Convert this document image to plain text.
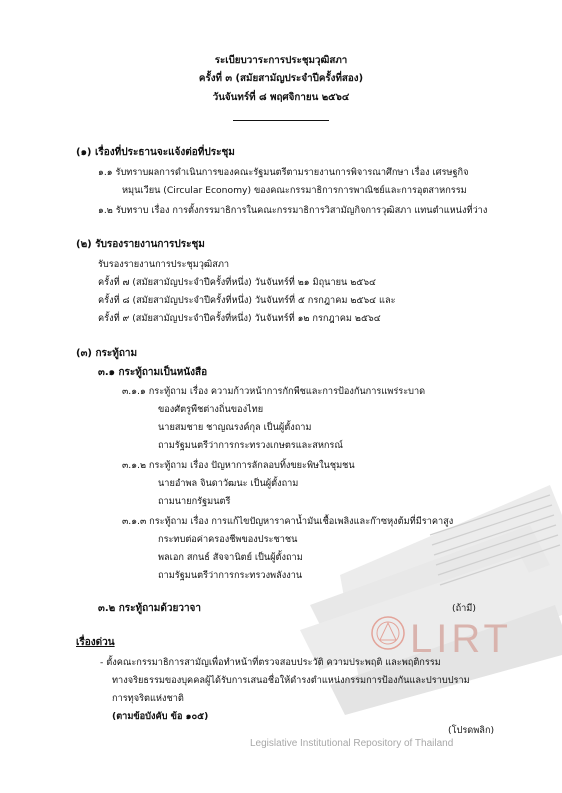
LIRT
Legislative Institutional Repository of Thailand
ระเบียบวาระการประชุมวุฒิสภา
ครั้งที่ ๓ (สมัยสามัญประจำปีครั้งที่สอง)
วันจันทร์ที่ ๘ พฤศจิกายน ๒๕๖๔
(๑) เรื่องที่ประธานจะแจ้งต่อที่ประชุม
๑.๑ รับทราบผลการดำเนินการของคณะรัฐมนตรีตามรายงานการพิจารณาศึกษา เรื่อง เศรษฐกิจ
หมุนเวียน (Circular Economy) ของคณะกรรมาธิการการพาณิชย์และการอุตสาหกรรม
๑.๒ รับทราบ เรื่อง การตั้งกรรมาธิการในคณะกรรมาธิการวิสามัญกิจการวุฒิสภา แทนตำแหน่งที่ว่าง
(๒) รับรองรายงานการประชุม
รับรองรายงานการประชุมวุฒิสภา
ครั้งที่ ๗ (สมัยสามัญประจำปีครั้งที่หนึ่ง) วันจันทร์ที่ ๒๑ มิถุนายน ๒๕๖๔
ครั้งที่ ๘ (สมัยสามัญประจำปีครั้งที่หนึ่ง) วันจันทร์ที่ ๕ กรกฎาคม ๒๕๖๔ และ
ครั้งที่ ๙ (สมัยสามัญประจำปีครั้งที่หนึ่ง) วันจันทร์ที่ ๑๒ กรกฎาคม ๒๕๖๔
(๓) กระทู้ถาม
๓.๑ กระทู้ถามเป็นหนังสือ
๓.๑.๑ กระทู้ถาม เรื่อง ความก้าวหน้าการกักพืชและการป้องกันการแพร่ระบาด
ของศัตรูพืชต่างถิ่นของไทย
นายสมชาย ชาญณรงค์กุล เป็นผู้ตั้งถาม
ถามรัฐมนตรีว่าการกระทรวงเกษตรและสหกรณ์
๓.๑.๒ กระทู้ถาม เรื่อง ปัญหาการลักลอบทิ้งขยะพิษในชุมชน
นายอำพล จินดาวัฒนะ เป็นผู้ตั้งถาม
ถามนายกรัฐมนตรี
๓.๑.๓ กระทู้ถาม เรื่อง การแก้ไขปัญหาราคาน้ำมันเชื้อเพลิงและก๊าซหุงต้มที่มีราคาสูง
กระทบต่อค่าครองชีพของประชาชน
พลเอก สกนธ์ สัจจานิตย์ เป็นผู้ตั้งถาม
ถามรัฐมนตรีว่าการกระทรวงพลังงาน
๓.๒ กระทู้ถามด้วยวาจา	(ถ้ามี)
เรื่องด่วน
- ตั้งคณะกรรมาธิการสามัญเพื่อทำหน้าที่ตรวจสอบประวัติ ความประพฤติ และพฤติกรรม
ทางจริยธรรมของบุคคลผู้ได้รับการเสนอชื่อให้ดำรงตำแหน่งกรรมการป้องกันและปราบปราม
การทุจริตแห่งชาติ
(ตามข้อบังคับ ข้อ ๑๐๕)
(โปรดพลิก)
